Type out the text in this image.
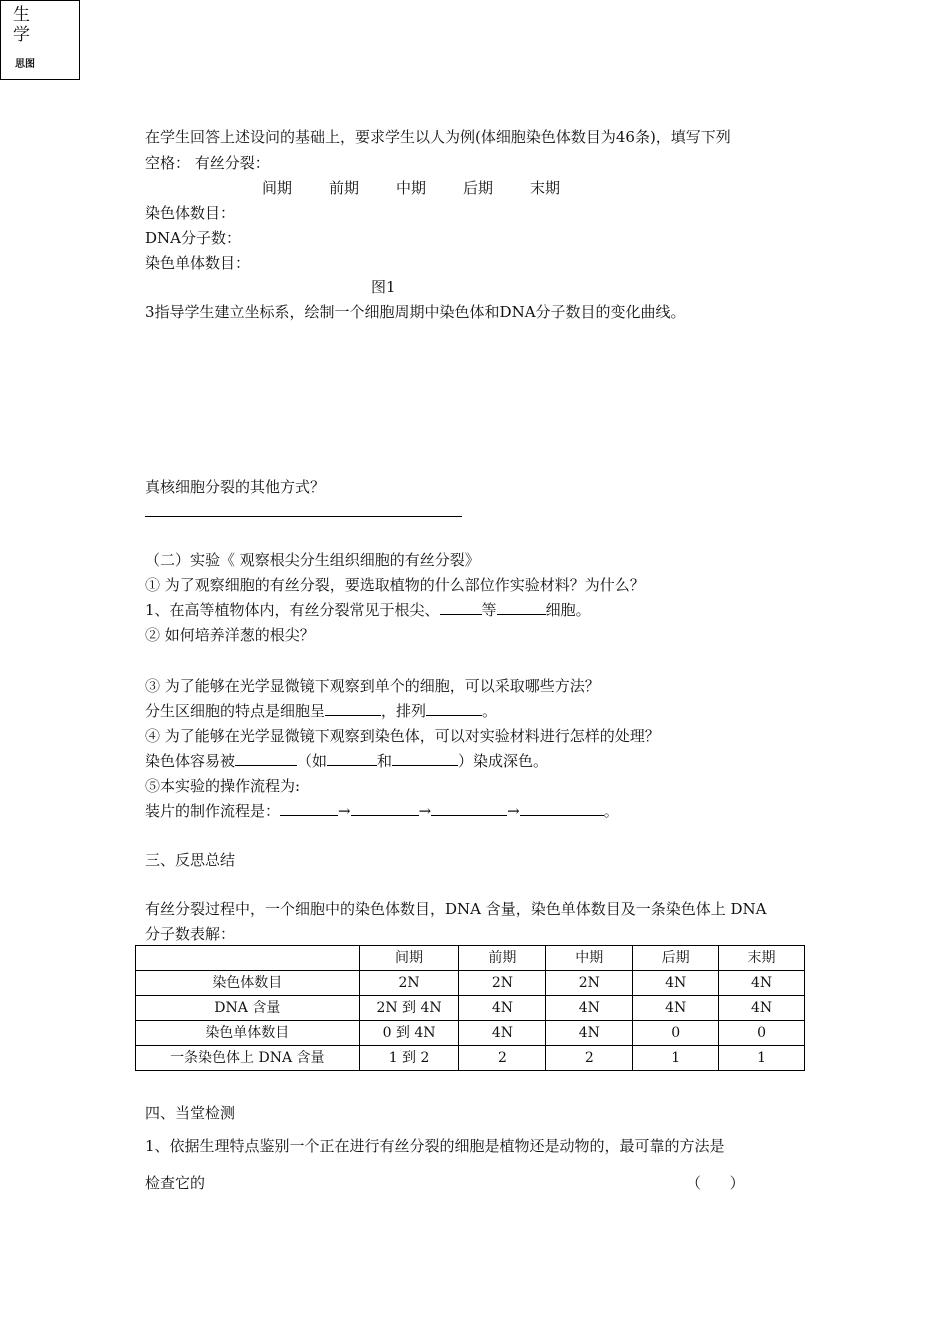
生
学
思图
在学生回答上述设问的基础上，要求学生以人为例(体细胞染色体数目为46条)，填写下列
空格： 有丝分裂：
间期 前期 中期 后期 末期
染色体数目：
DNA分子数：
染色单体数目：
图1
3指导学生建立坐标系，绘制一个细胞周期中染色体和DNA分子数目的变化曲线。
真核细胞分裂的其他方式？
（二）实验《 观察根尖分生组织细胞的有丝分裂》
① 为了观察细胞的有丝分裂，要选取植物的什么部位作实验材料？为什么？
1、在高等植物体内，有丝分裂常见于根尖、	等	细胞。
② 如何培养洋葱的根尖？
③ 为了能够在光学显微镜下观察到单个的细胞，可以采取哪些方法？
分生区细胞的特点是细胞呈	，排列	。
④ 为了能够在光学显微镜下观察到染色体，可以对实验材料进行怎样的处理？
染色体容易被	（如	和	）染成深色。
⑤本实验的操作流程为:
装片的制作流程是：	→	→	→	。
三、反思总结
有丝分裂过程中，一个细胞中的染色体数目，DNA 含量，染色单体数目及一条染色体上 DNA
分子数表解：
	间期	前期	中期	后期	末期
染色体数目	2N	2N	2N	4N	4N
DNA 含量	2N 到 4N	4N	4N	4N	4N
染色单体数目	0 到 4N	4N	4N	0	0
一条染色体上 DNA 含量	1 到 2	2	2	1	1
四、当堂检测
1、依据生理特点鉴别一个正在进行有丝分裂的细胞是植物还是动物的，最可靠的方法是
检查它的	（      ）
